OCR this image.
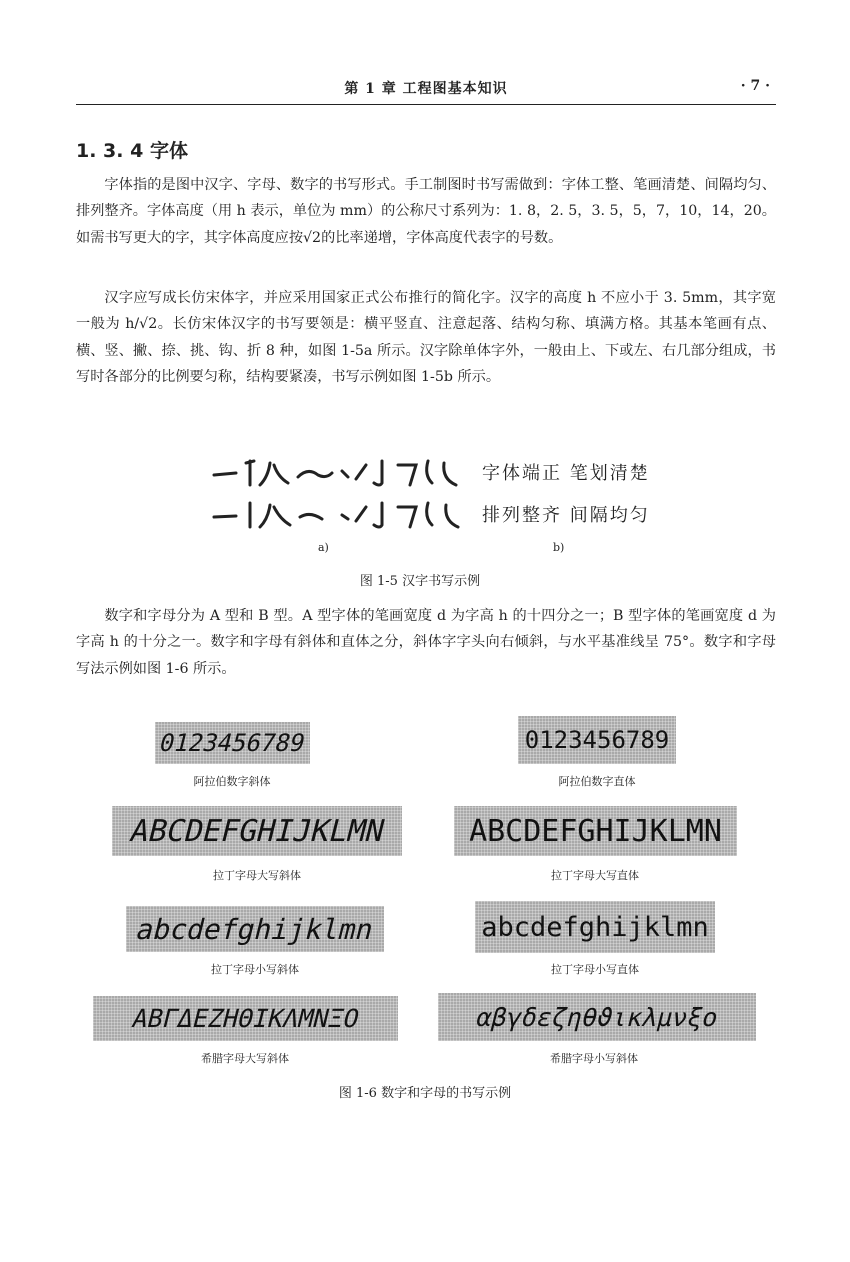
第 1 章 工程图基本知识	· 7 ·
1. 3. 4 字体

字体指的是图中汉字、字母、数字的书写形式。手工制图时书写需做到：字体工整、笔画清楚、间隔均匀、排列整齐。字体高度（用 h 表示，单位为 mm）的公称尺寸系列为：1. 8，2. 5，3. 5，5，7，10，14，20。如需书写更大的字，其字体高度应按√2的比率递增，字体高度代表字的号数。

汉字应写成长仿宋体字，并应采用国家正式公布推行的简化字。汉字的高度 h 不应小于 3. 5mm，其字宽一般为 h/√2。长仿宋体汉字的书写要领是：横平竖直、注意起落、结构匀称、填满方格。其基本笔画有点、横、竖、撇、捺、挑、钩、折 8 种，如图 1-5a 所示。汉字除单体字外，一般由上、下或左、右几部分组成，书写时各部分的比例要匀称，结构要紧凑，书写示例如图 1-5b 所示。

字体端正 笔划清楚
排列整齐 间隔均匀
a)	b)
图 1-5 汉字书写示例

数字和字母分为 A 型和 B 型。A 型字体的笔画宽度 d 为字高 h 的十四分之一；B 型字体的笔画宽度 d 为字高 h 的十分之一。数字和字母有斜体和直体之分，斜体字字头向右倾斜，与水平基准线呈 75°。数字和字母写法示例如图 1-6 所示。

0123456789
阿拉伯数字斜体
0123456789
阿拉伯数字直体
ABCDEFGHIJKLMN
拉丁字母大写斜体
ABCDEFGHIJKLMN
拉丁字母大写直体
abcdefghijklmn
拉丁字母小写斜体
abcdefghijklmn
拉丁字母小写直体
ΑΒΓΔΕΖΗΘΙΚΛΜΝΞΟ
希腊字母大写斜体
αβγδεζηθϑικλμνξο
希腊字母小写斜体
图 1-6 数字和字母的书写示例
